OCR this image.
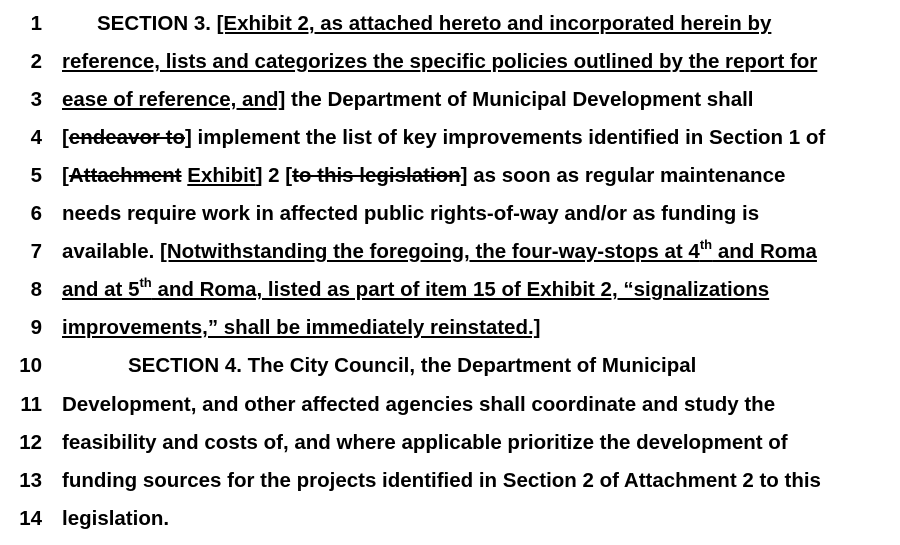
1	SECTION 3. [Exhibit 2, as attached hereto and incorporated herein by
2 reference, lists and categorizes the specific policies outlined by the report for
3 ease of reference, and] the Department of Municipal Development shall
4 [endeavor to] implement the list of key improvements identified in Section 1 of
5 [Attachment Exhibit] 2 [to this legislation] as soon as regular maintenance
6 needs require work in affected public rights-of-way and/or as funding is
7 available. [Notwithstanding the foregoing, the four-way-stops at 4th and Roma
8 and at 5th and Roma, listed as part of item 15 of Exhibit 2, “signalizations
9 improvements,” shall be immediately reinstated.]
10	SECTION 4. The City Council, the Department of Municipal
11 Development, and other affected agencies shall coordinate and study the
12 feasibility and costs of, and where applicable prioritize the development of
13 funding sources for the projects identified in Section 2 of Attachment 2 to this
14 legislation.
